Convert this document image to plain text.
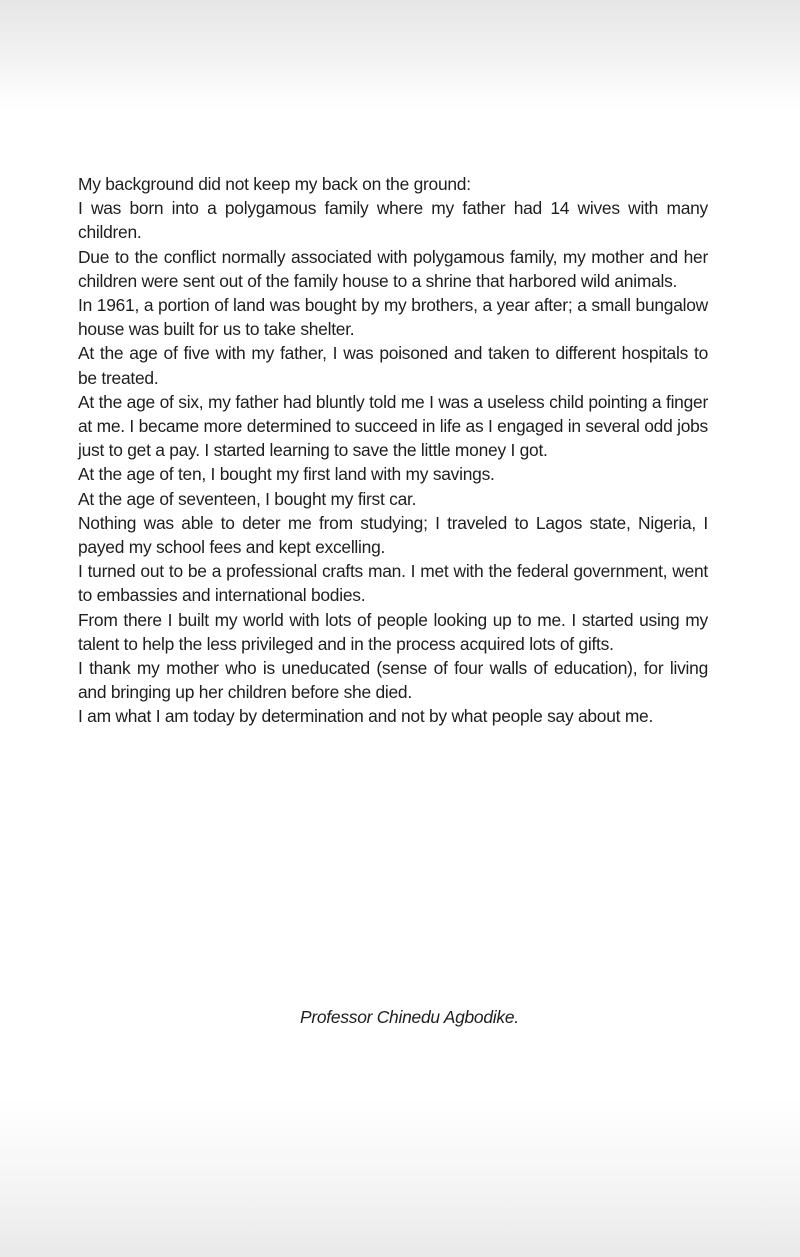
My background did not keep my back on the ground:

I was born into a polygamous family where my father had 14 wives with many children.

Due to the conflict normally associated with polygamous family, my mother and her children were sent out of the family house to a shrine that harbored wild animals.

In 1961, a portion of land was bought by my brothers, a year after; a small bungalow house was built for us to take shelter.

At the age of five with my father, I was poisoned and taken to different hospitals to be treated.

At the age of six, my father had bluntly told me I was a useless child pointing a finger at me. I became more determined to succeed in life as I engaged in several odd jobs just to get a pay. I started learning to save the little money I got.

At the age of ten, I bought my first land with my savings.

At the age of seventeen, I bought my first car.

Nothing was able to deter me from studying; I traveled to Lagos state, Nigeria, I payed my school fees and kept excelling.

I turned out to be a professional crafts man. I met with the federal government, went to embassies and international bodies.

From there I built my world with lots of people looking up to me. I started using my talent to help the less privileged and in the process acquired lots of gifts.

I thank my mother who is uneducated (sense of four walls of education), for living and bringing up her children before she died.

I am what I am today by determination and not by what people say about me.

Professor Chinedu Agbodike.
